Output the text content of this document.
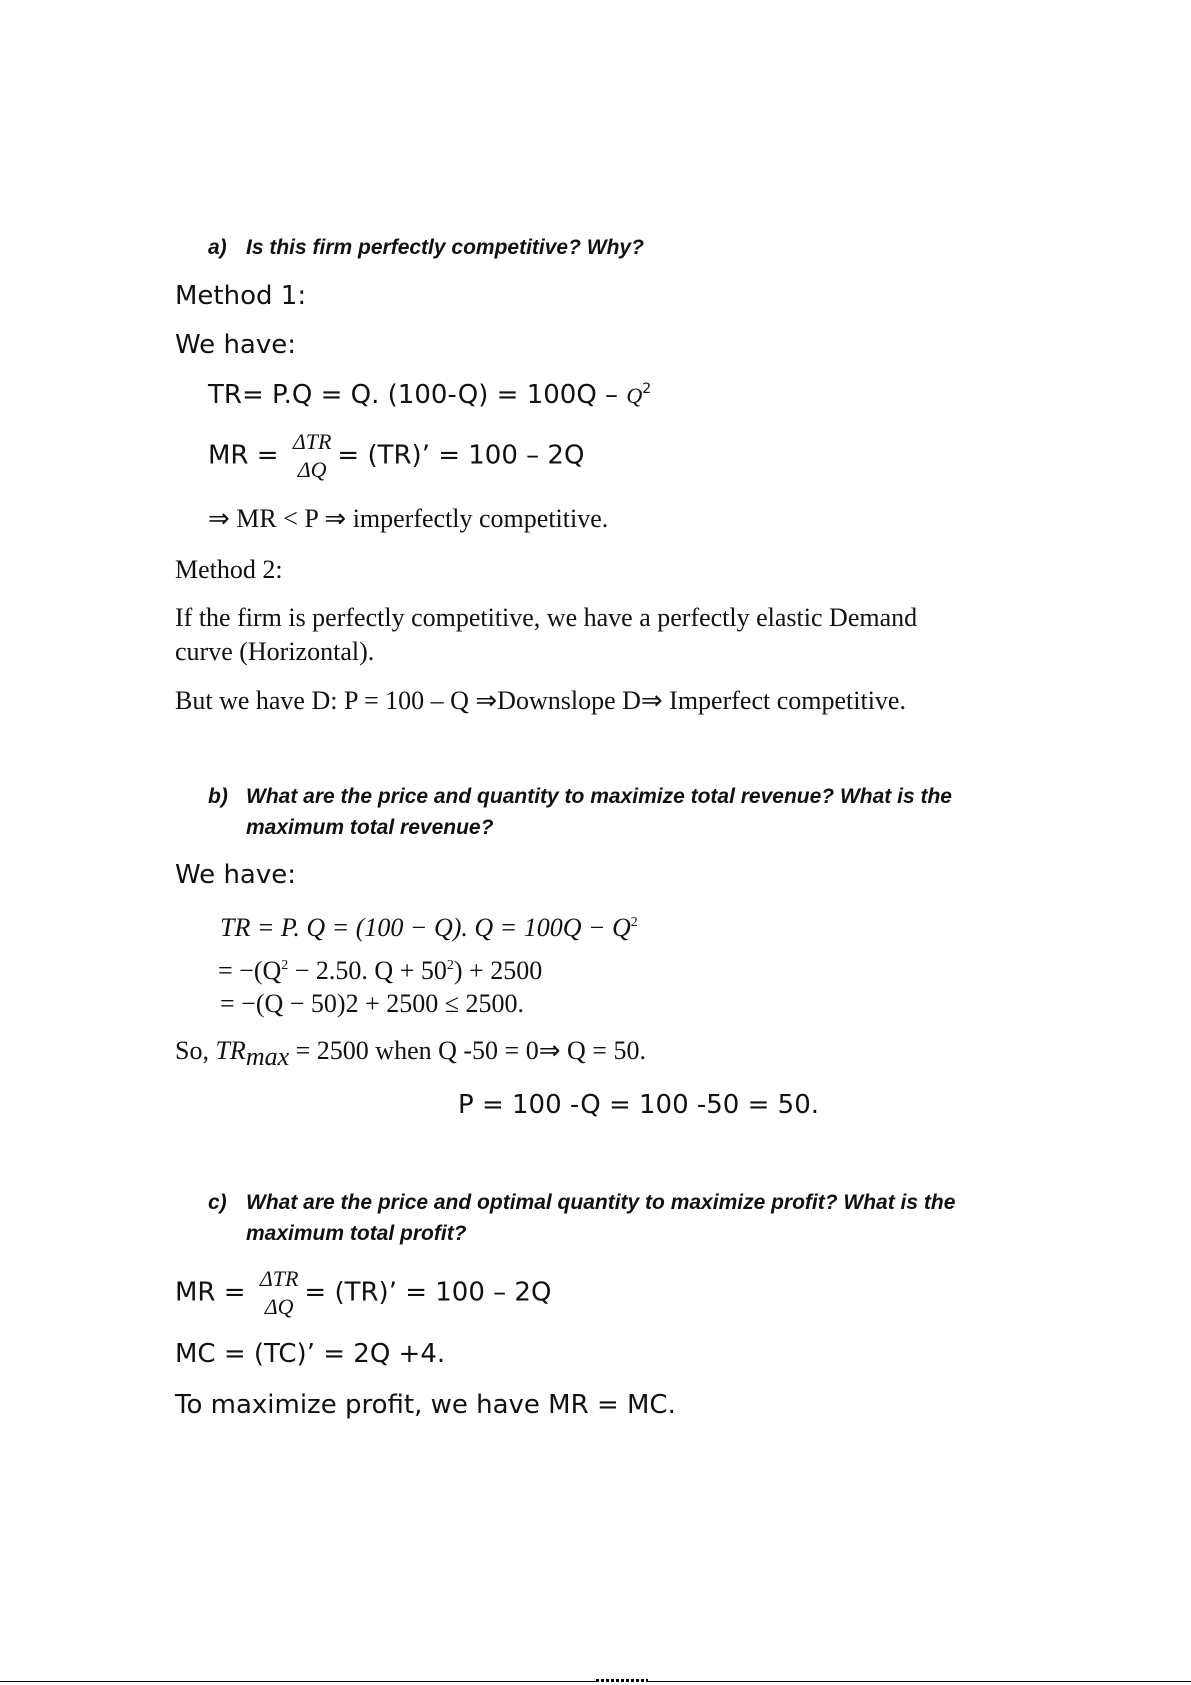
a) Is this firm perfectly competitive? Why?
Method 1:
We have:
TR= P.Q = Q. $(100-Q) = 100Q - Q^2$
MR = ΔTR
ΔQ = (TR)’ = 100 – 2Q
⇒ MR < P ⇒ imperfectly competitive.
Method 2:
If the firm is perfectly competitive, we have a perfectly elastic Demand
curve (Horizontal).
But we have D: P = 100 – Q ⇒Downslope D⇒ Imperfect competitive.
b) What are the price and quantity to maximize total revenue? What is the
maximum total revenue?
We have:
TR = P. Q = (100 − Q). $Q = 100Q - Q^2$
= $-(Q^2 - 2.50$. $Q + 50^2) + 2500$
= −(Q − 50)2 + 2500 ≤ 2500.
So, TRmax = 2500 when Q -50 = 0⇒ Q = 50.
P = 100 -Q = 100 -50 = 50.
c) What are the price and optimal quantity to maximize profit? What is the
maximum total profit?
MR = ΔTR
ΔQ = (TR)’ = 100 – 2Q
MC = (TC)’ = 2Q +4.
To maximize profit, we have MR = MC.
